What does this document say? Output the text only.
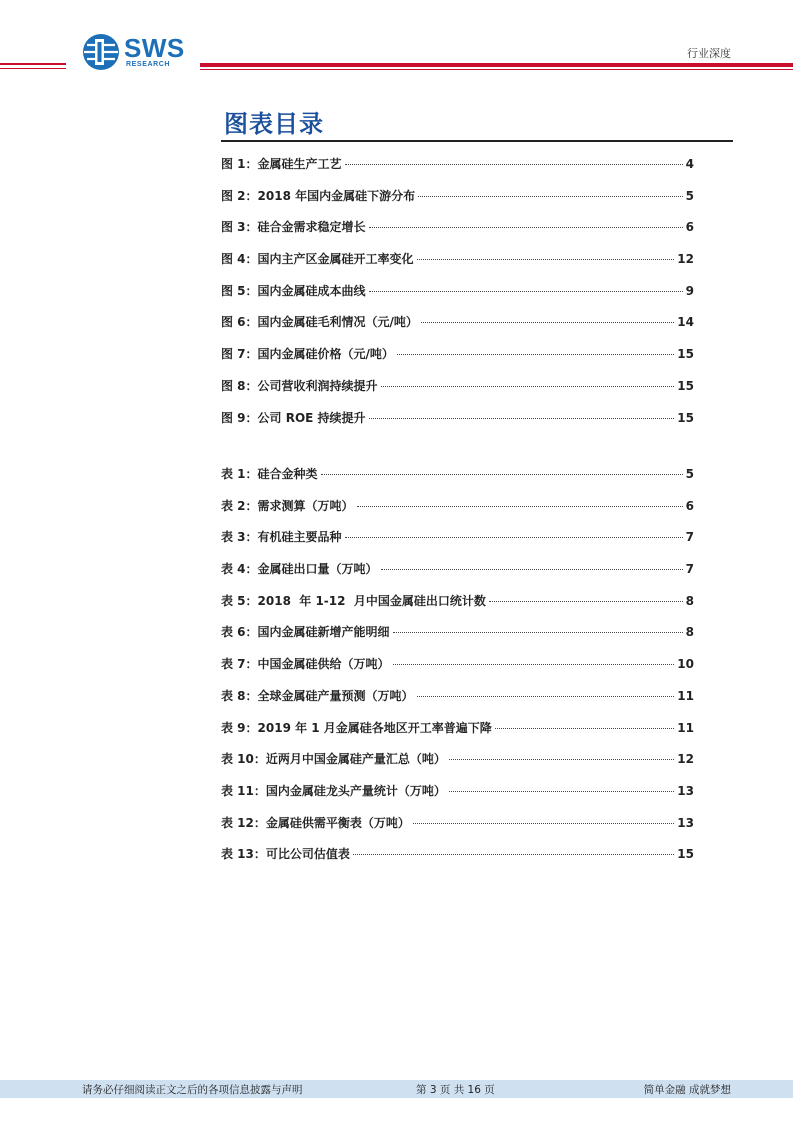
SWS
RESEARCH
行业深度
图表目录
图 1：金属硅生产工艺	4
图 2：2018 年国内金属硅下游分布	5
图 3：硅合金需求稳定增长	6
图 4：国内主产区金属硅开工率变化	12
图 5：国内金属硅成本曲线	9
图 6：国内金属硅毛利情况（元/吨）	14
图 7：国内金属硅价格（元/吨）	15
图 8：公司营收利润持续提升	15
图 9：公司 ROE 持续提升	15
表 1：硅合金种类	5
表 2：需求测算（万吨）	6
表 3：有机硅主要品种	7
表 4：金属硅出口量（万吨）	7
表 5：2018  年 1-12  月中国金属硅出口统计数	8
表 6：国内金属硅新增产能明细	8
表 7：中国金属硅供给（万吨）	10
表 8：全球金属硅产量预测（万吨）	11
表 9：2019 年 1 月金属硅各地区开工率普遍下降	11
表 10：近两月中国金属硅产量汇总（吨）	12
表 11：国内金属硅龙头产量统计（万吨）	13
表 12：金属硅供需平衡表（万吨）	13
表 13：可比公司估值表	15
请务必仔细阅读正文之后的各项信息披露与声明	第 3 页 共 16 页	简单金融 成就梦想
